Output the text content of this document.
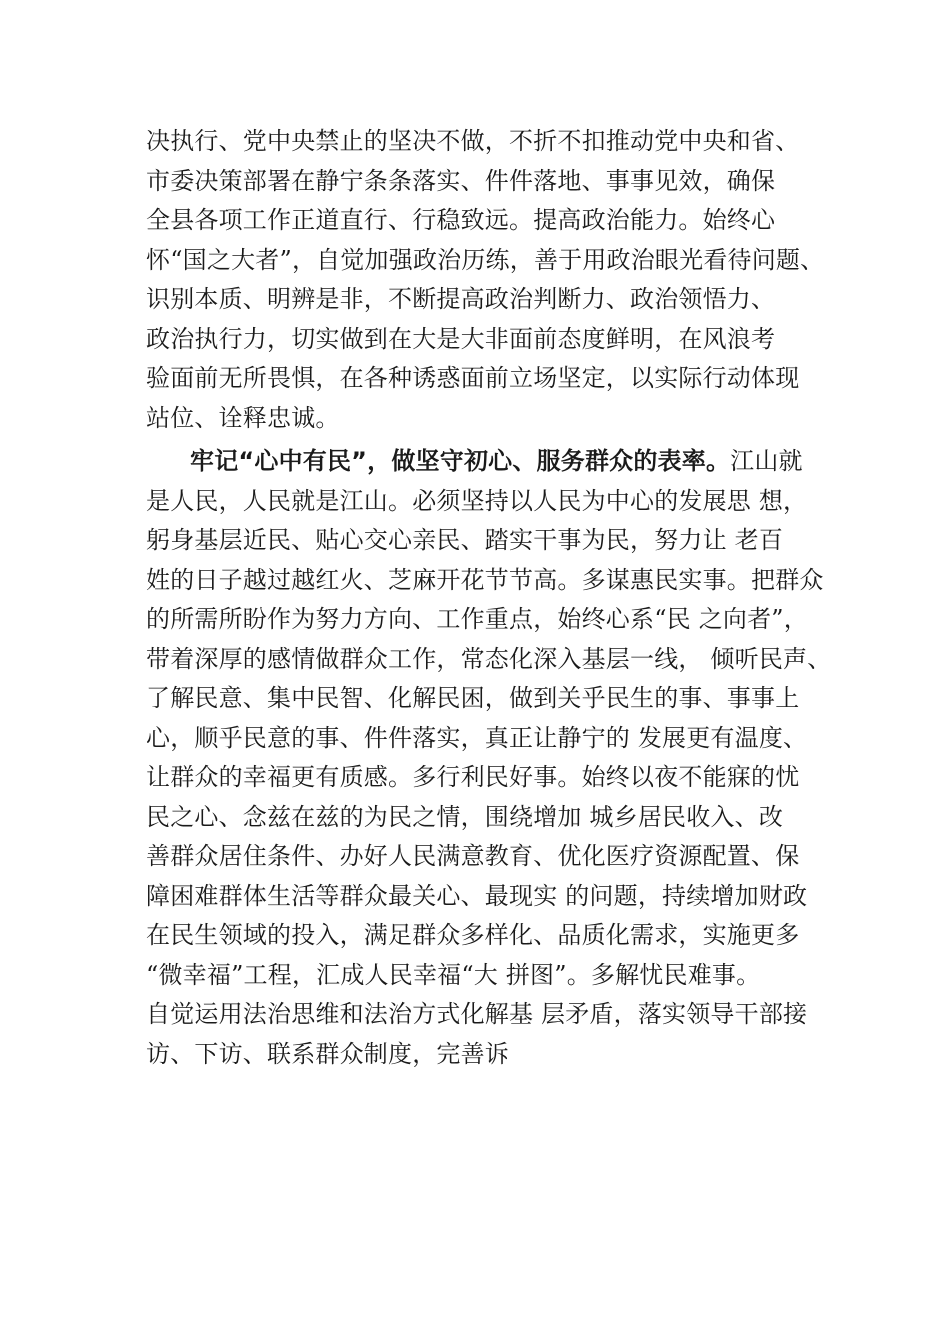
决执行、党中央禁止的坚决不做，不折不扣推动党中央和省、
市委决策部署在静宁条条落实、件件落地、事事见效，确保
全县各项工作正道直行、行稳致远。提高政治能力。始终心
怀“国之大者”，自觉加强政治历练，善于用政治眼光看待问题、
识别本质、明辨是非，不断提高政治判断力、政治领悟力、
政治执行力，切实做到在大是大非面前态度鲜明，在风浪考
验面前无所畏惧，在各种诱惑面前立场坚定，以实际行动体现
站位、诠释忠诚。
牢记“心中有民”，做坚守初心、服务群众的表率。江山就
是人民，人民就是江山。必须坚持以人民为中心的发展思 想，
躬身基层近民、贴心交心亲民、踏实干事为民，努力让 老百
姓的日子越过越红火、芝麻开花节节高。多谋惠民实事。把群众
的所需所盼作为努力方向、工作重点，始终心系“民 之向者”，
带着深厚的感情做群众工作，常态化深入基层一线， 倾听民声、
了解民意、集中民智、化解民困，做到关乎民生的事、事事上
心，顺乎民意的事、件件落实，真正让静宁的 发展更有温度、
让群众的幸福更有质感。多行利民好事。始终以夜不能寐的忧
民之心、念兹在兹的为民之情，围绕增加 城乡居民收入、改
善群众居住条件、办好人民满意教育、优化医疗资源配置、保
障困难群体生活等群众最关心、最现实 的问题，持续增加财政
在民生领域的投入，满足群众多样化、品质化需求，实施更多
“微幸福”工程，汇成人民幸福“大 拼图”。多解忧民难事。
自觉运用法治思维和法治方式化解基 层矛盾，落实领导干部接
访、下访、联系群众制度，完善诉
